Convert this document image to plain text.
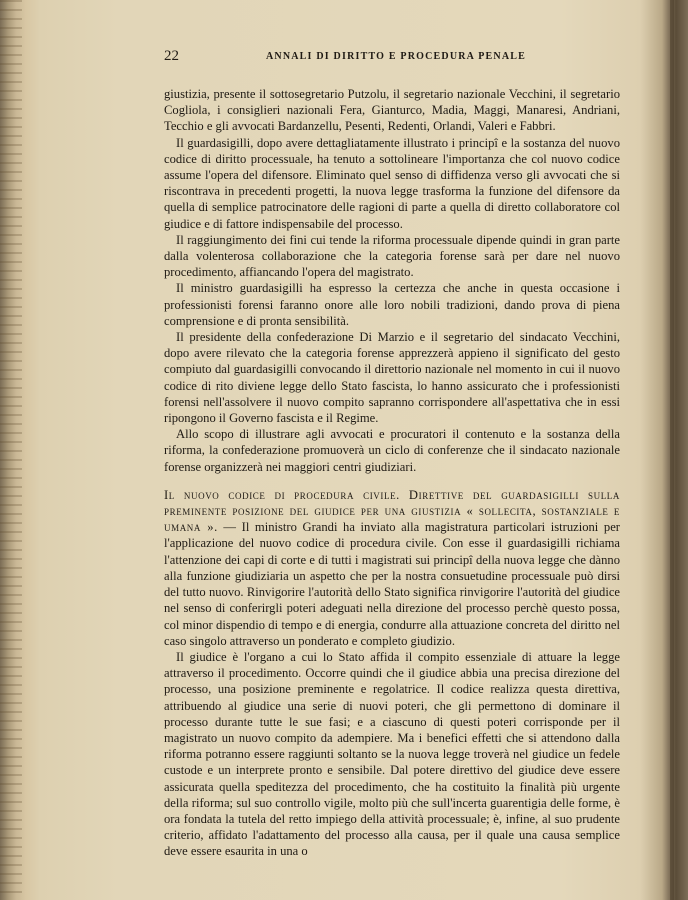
22	ANNALI DI DIRITTO E PROCEDURA PENALE

giustizia, presente il sottosegretario Putzolu, il segretario nazionale Vecchini, il segretario Cogliola, i consiglieri nazionali Fera, Gianturco, Madia, Maggi, Manaresi, Andriani, Tecchio e gli avvocati Bardanzellu, Pesenti, Redenti, Orlandi, Valeri e Fabbri.

Il guardasigilli, dopo avere dettagliatamente illustrato i principî e la sostanza del nuovo codice di diritto processuale, ha tenuto a sottolineare l'importanza che col nuovo codice assume l'opera del difensore. Eliminato quel senso di diffidenza verso gli avvocati che si riscontrava in precedenti progetti, la nuova legge trasforma la funzione del difensore da quella di semplice patrocinatore delle ragioni di parte a quella di diretto collaboratore col giudice e di fattore indispensabile del processo.

Il raggiungimento dei fini cui tende la riforma processuale dipende quindi in gran parte dalla volenterosa collaborazione che la categoria forense sarà per dare nel nuovo procedimento, affiancando l'opera del magistrato.

Il ministro guardasigilli ha espresso la certezza che anche in questa occasione i professionisti forensi faranno onore alle loro nobili tradizioni, dando prova di piena comprensione e di pronta sensibilità.

Il presidente della confederazione Di Marzio e il segretario del sindacato Vecchini, dopo avere rilevato che la categoria forense apprezzerà appieno il significato del gesto compiuto dal guardasigilli convocando il direttorio nazionale nel momento in cui il nuovo codice di rito diviene legge dello Stato fascista, lo hanno assicurato che i professionisti forensi nell'assolvere il nuovo compito sapranno corrispondere all'aspettativa che in essi ripongono il Governo fascista e il Regime.

Allo scopo di illustrare agli avvocati e procuratori il contenuto e la sostanza della riforma, la confederazione promuoverà un ciclo di conferenze che il sindacato nazionale forense organizzerà nei maggiori centri giudiziari.

Il nuovo codice di procedura civile. Direttive del guardasigilli sulla preminente posizione del giudice per una giustizia « sollecita, sostanziale e umana ». — Il ministro Grandi ha inviato alla magistratura particolari istruzioni per l'applicazione del nuovo codice di procedura civile. Con esse il guardasigilli richiama l'attenzione dei capi di corte e di tutti i magistrati sui principî della nuova legge che dànno alla funzione giudiziaria un aspetto che per la nostra consuetudine processuale può dirsi del tutto nuovo. Rinvigorire l'autorità dello Stato significa rinvigorire l'autorità del giudice nel senso di conferirgli poteri adeguati nella direzione del processo perchè questo possa, col minor dispendio di tempo e di energia, condurre alla attuazione concreta del diritto nel caso singolo attraverso un ponderato e completo giudizio.

Il giudice è l'organo a cui lo Stato affida il compito essenziale di attuare la legge attraverso il procedimento. Occorre quindi che il giudice abbia una precisa direzione del processo, una posizione preminente e regolatrice. Il codice realizza questa direttiva, attribuendo al giudice una serie di nuovi poteri, che gli permettono di dominare il processo durante tutte le sue fasi; e a ciascuno di questi poteri corrisponde per il magistrato un nuovo compito da adempiere. Ma i benefici effetti che si attendono dalla riforma potranno essere raggiunti soltanto se la nuova legge troverà nel giudice un fedele custode e un interprete pronto e sensibile. Dal potere direttivo del giudice deve essere assicurata quella speditezza del procedimento, che ha costituito la finalità più urgente della riforma; sul suo controllo vigile, molto più che sull'incerta guarentigia delle forme, è ora fondata la tutela del retto impiego della attività processuale; è, infine, al suo prudente criterio, affidato l'adattamento del processo alla causa, per il quale una causa semplice deve essere esaurita in una o
